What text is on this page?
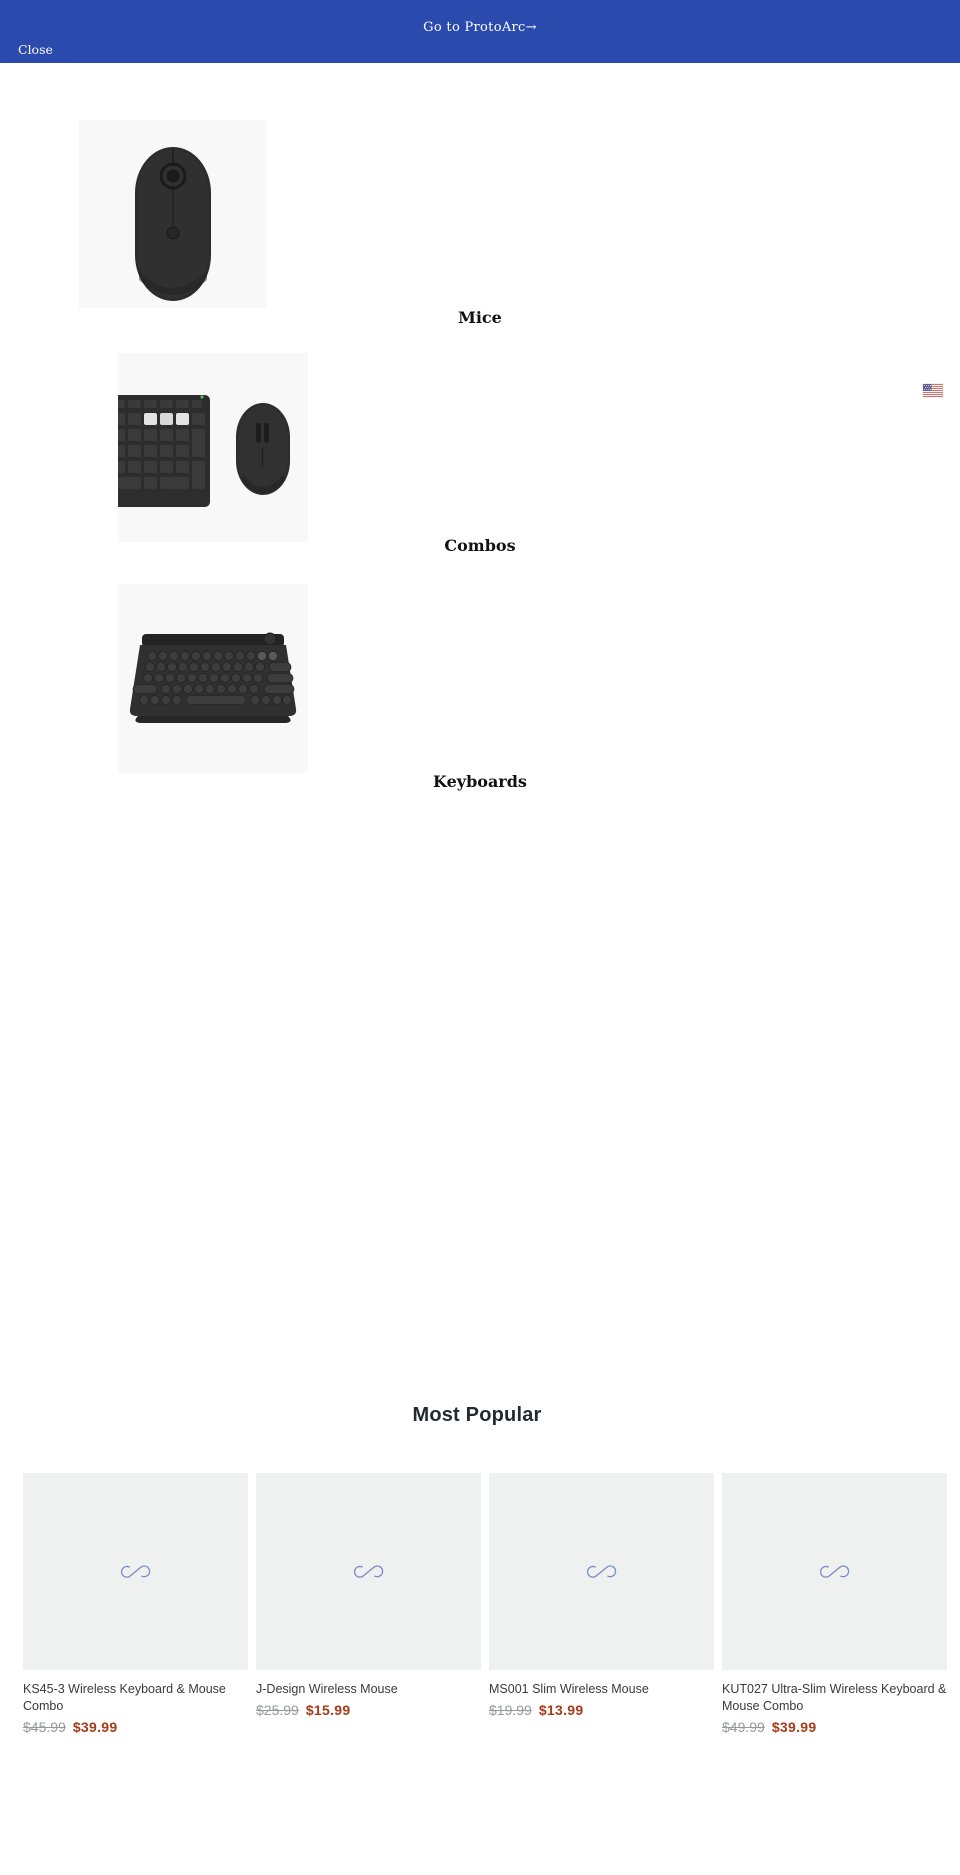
Go to ProtoArc→
Close
Mice
Combos
Keyboards
Most Popular
KS45-3 Wireless Keyboard & Mouse Combo
$45.99 $39.99
J-Design Wireless Mouse
$25.99 $15.99
MS001 Slim Wireless Mouse
$19.99 $13.99
KUT027 Ultra-Slim Wireless Keyboard & Mouse Combo
$49.99 $39.99
